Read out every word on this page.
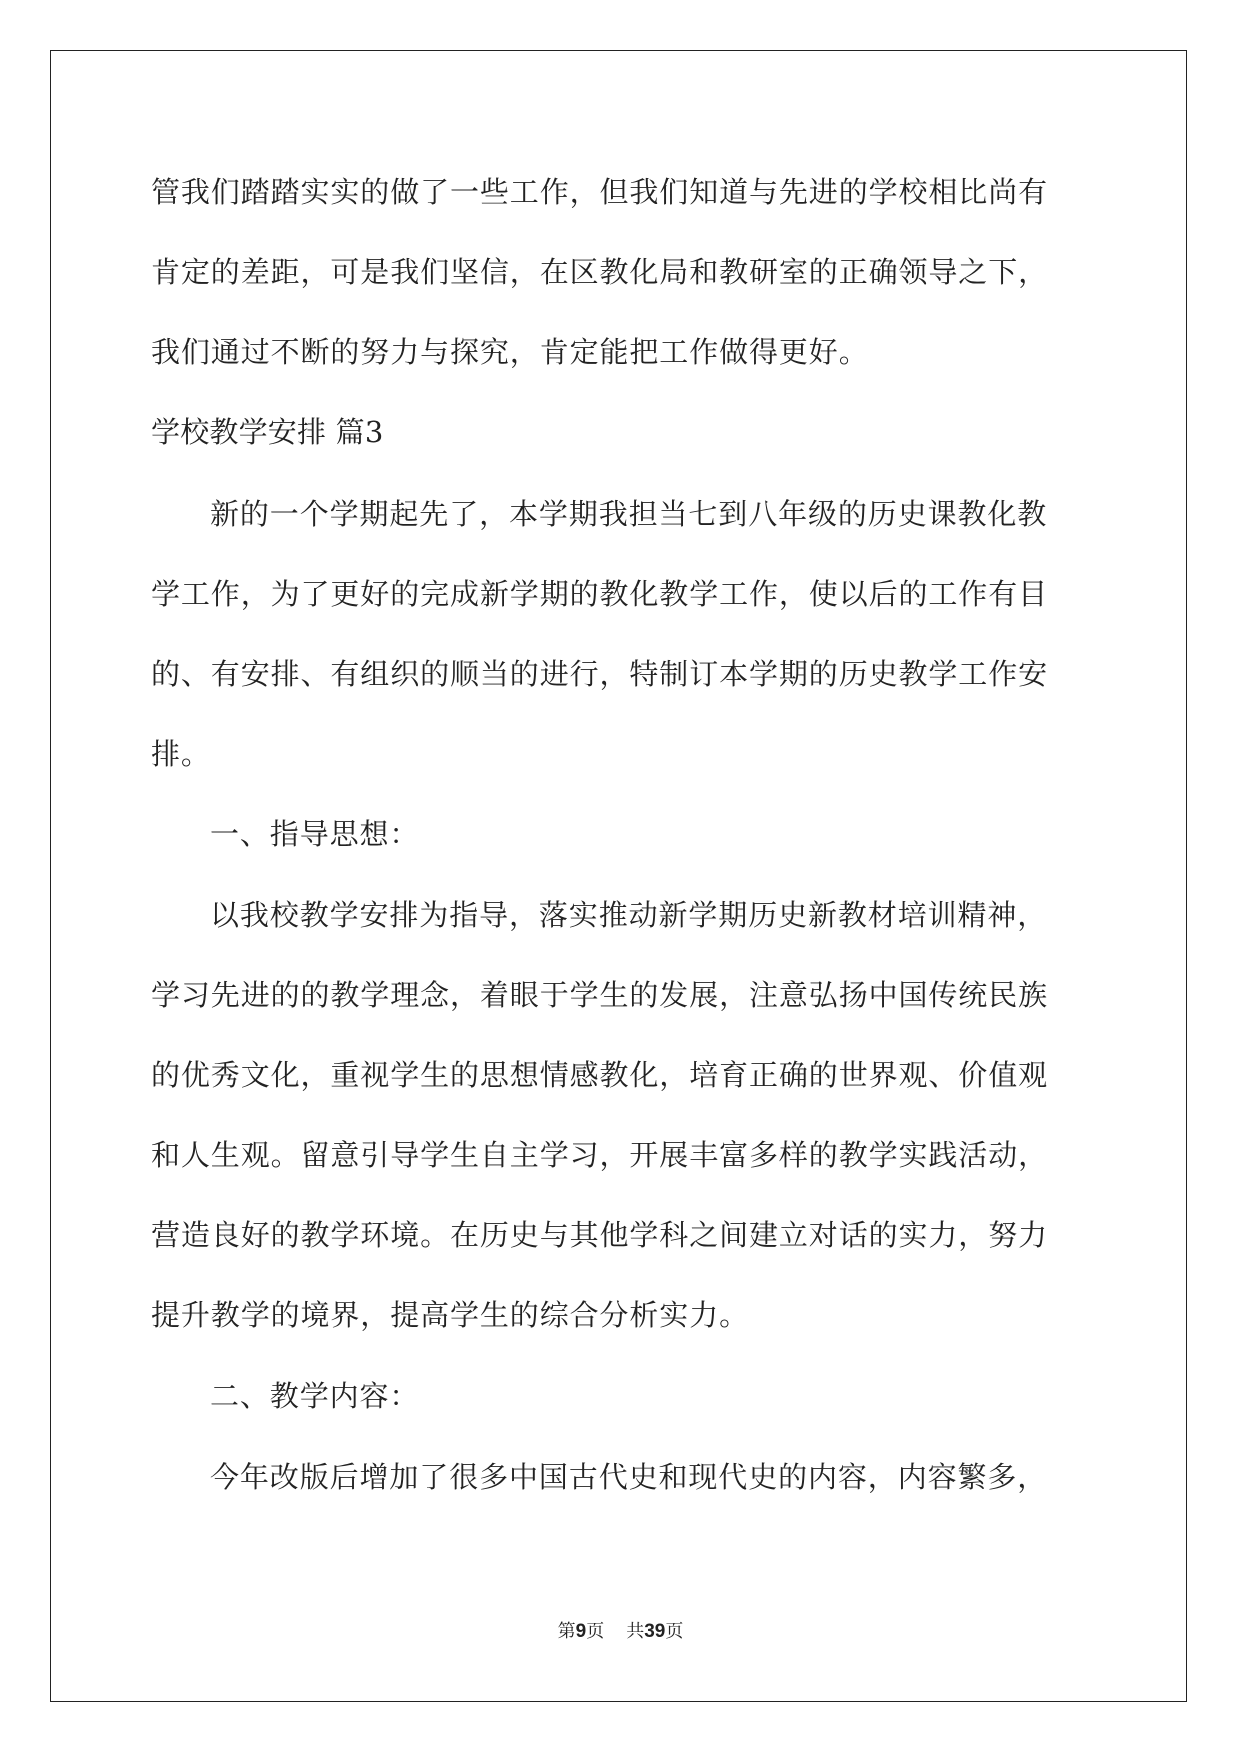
管我们踏踏实实的做了一些工作，但我们知道与先进的学校相比尚有

肯定的差距，可是我们坚信，在区教化局和教研室的正确领导之下，

我们通过不断的努力与探究，肯定能把工作做得更好。

学校教学安排 篇3

新的一个学期起先了，本学期我担当七到八年级的历史课教化教

学工作，为了更好的完成新学期的教化教学工作，使以后的工作有目

的、有安排、有组织的顺当的进行，特制订本学期的历史教学工作安

排。

一、指导思想：

以我校教学安排为指导，落实推动新学期历史新教材培训精神，

学习先进的的教学理念，着眼于学生的发展，注意弘扬中国传统民族

的优秀文化，重视学生的思想情感教化，培育正确的世界观、价值观

和人生观。留意引导学生自主学习，开展丰富多样的教学实践活动，

营造良好的教学环境。在历史与其他学科之间建立对话的实力，努力

提升教学的境界，提高学生的综合分析实力。

二、教学内容：

今年改版后增加了很多中国古代史和现代史的内容，内容繁多，

第9页 共39页
